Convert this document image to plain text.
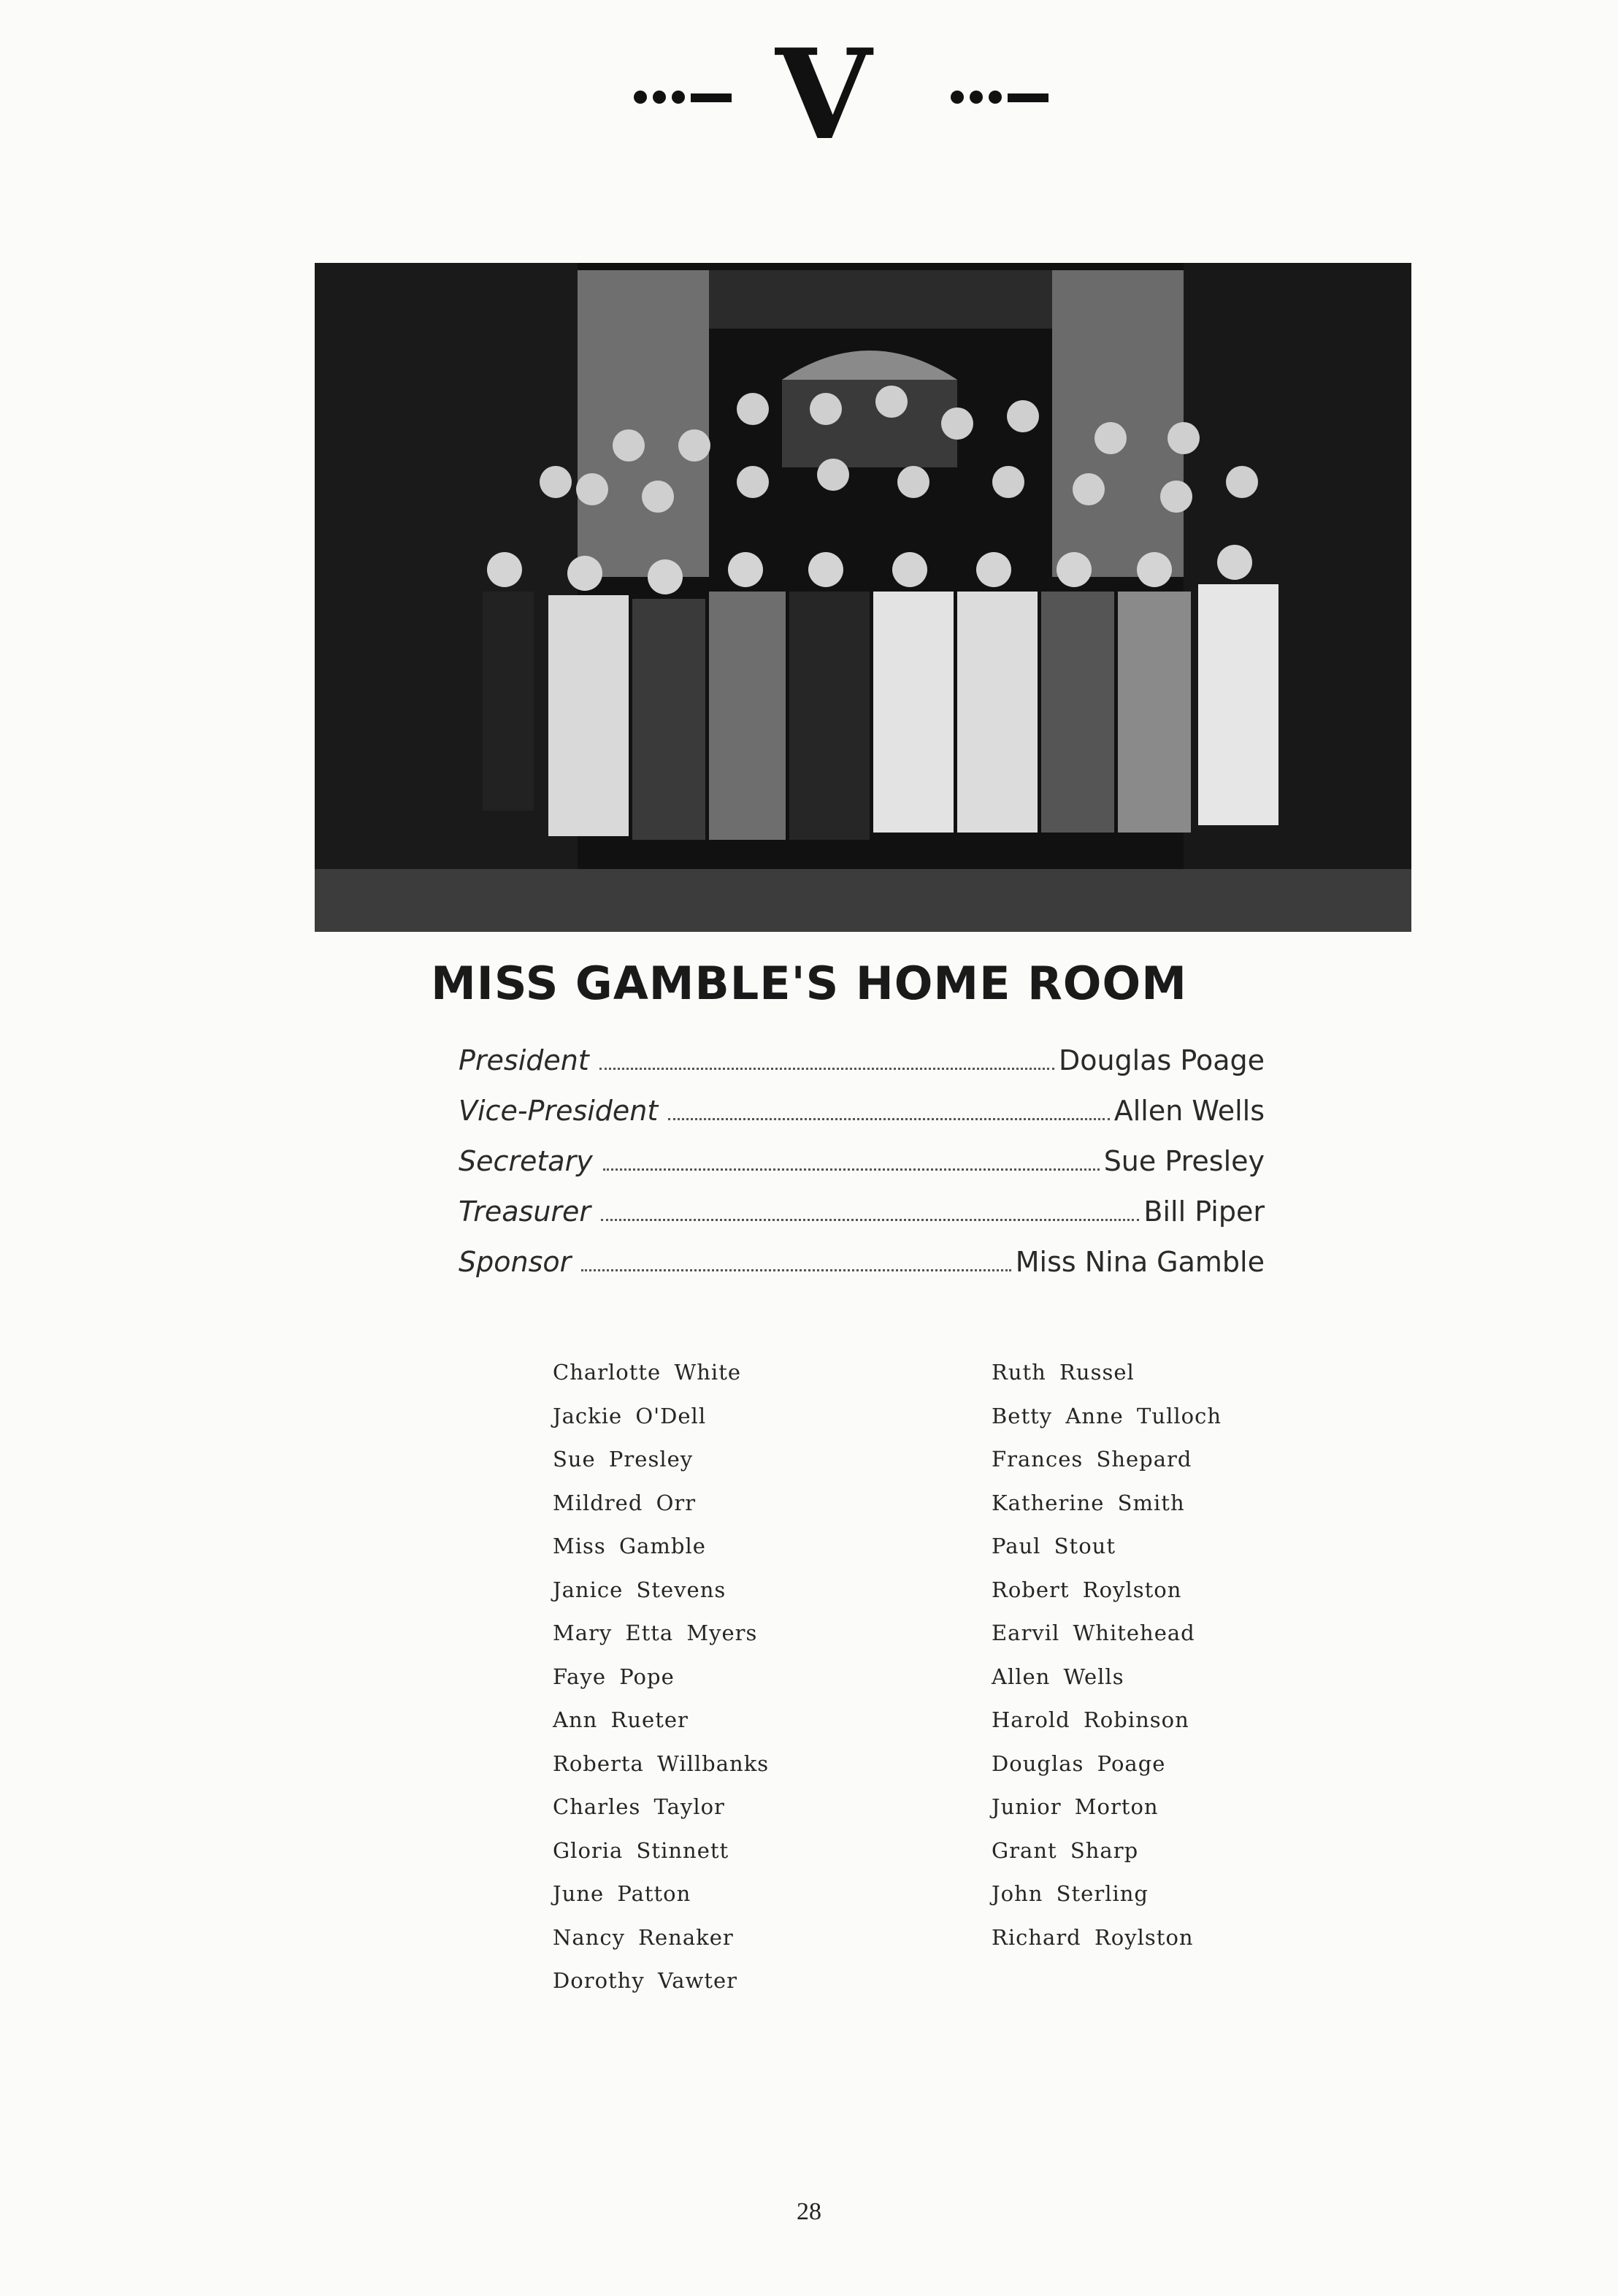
V
MISS GAMBLE'S HOME ROOM
President	Douglas Poage
Vice-President	Allen Wells
Secretary	Sue Presley
Treasurer	Bill Piper
Sponsor	Miss Nina Gamble
Charlotte White
Jackie O'Dell
Sue Presley
Mildred Orr
Miss Gamble
Janice Stevens
Mary Etta Myers
Faye Pope
Ann Rueter
Roberta Willbanks
Charles Taylor
Gloria Stinnett
June Patton
Nancy Renaker
Dorothy Vawter
Ruth Russel
Betty Anne Tulloch
Frances Shepard
Katherine Smith
Paul Stout
Robert Roylston
Earvil Whitehead
Allen Wells
Harold Robinson
Douglas Poage
Junior Morton
Grant Sharp
John Sterling
Richard Roylston
28
